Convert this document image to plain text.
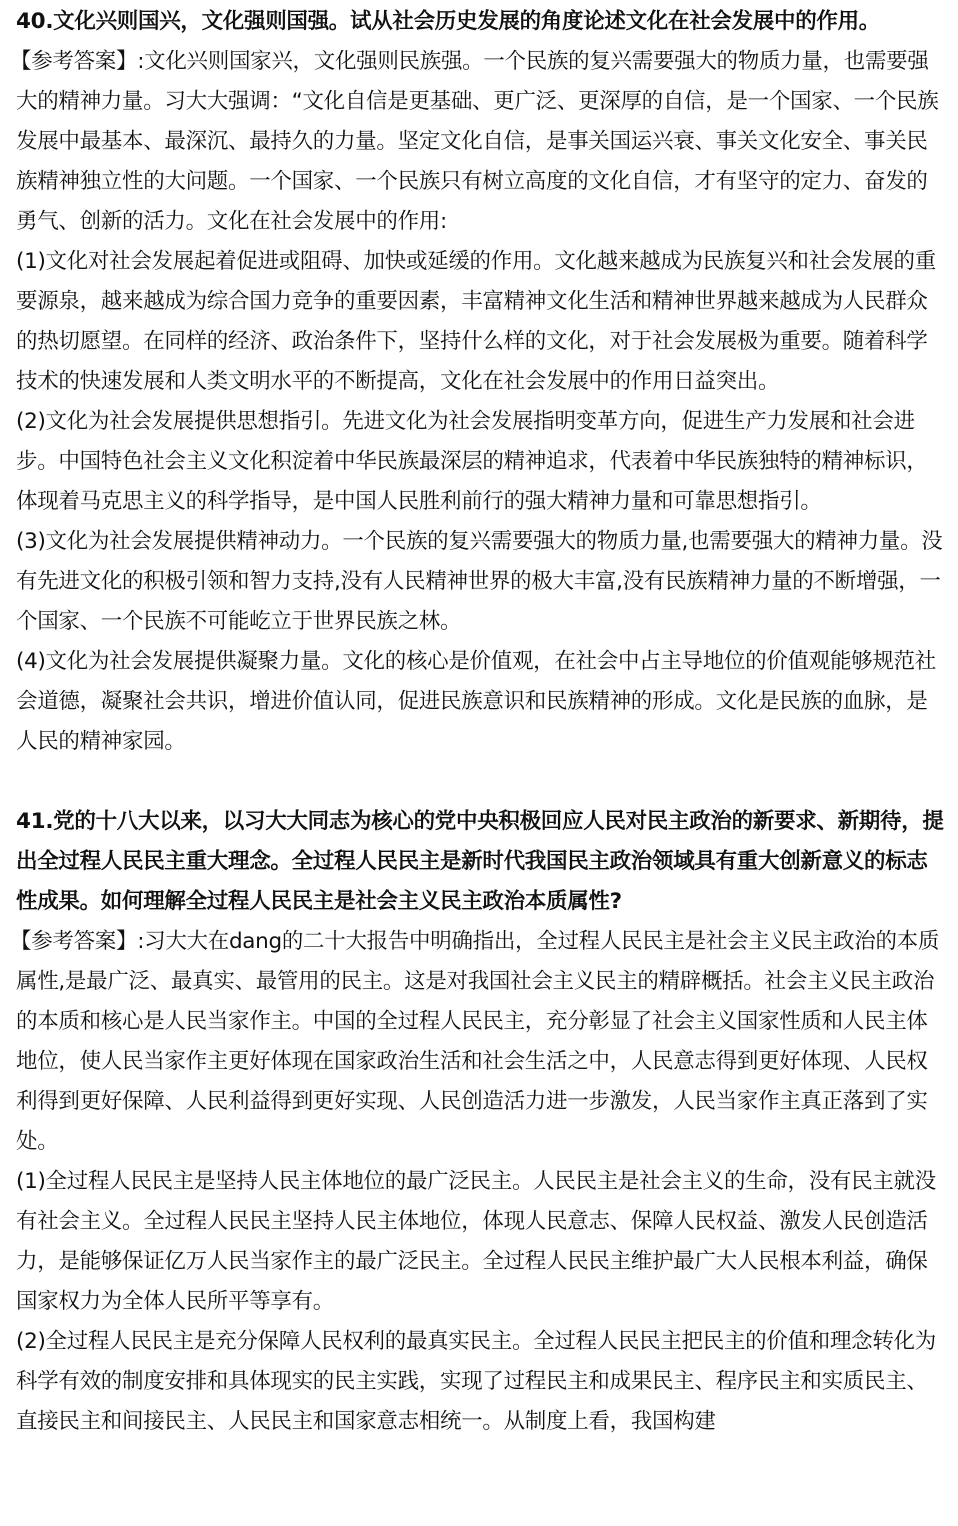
40.文化兴则国兴，文化强则国强。试从社会历史发展的角度论述文化在社会发展中的作用。

【参考答案】:文化兴则国家兴，文化强则民族强。一个民族的复兴需要强大的物质力量，也需要强大的精神力量。习大大强调：“文化自信是更基础、更广泛、更深厚的自信，是一个国家、一个民族发展中最基本、最深沉、最持久的力量。坚定文化自信，是事关国运兴衰、事关文化安全、事关民族精神独立性的大问题。一个国家、一个民族只有树立高度的文化自信，才有坚守的定力、奋发的勇气、创新的活力。文化在社会发展中的作用:

(1)文化对社会发展起着促进或阻碍、加快或延缓的作用。文化越来越成为民族复兴和社会发展的重要源泉，越来越成为综合国力竞争的重要因素，丰富精神文化生活和精神世界越来越成为人民群众的热切愿望。在同样的经济、政治条件下，坚持什么样的文化，对于社会发展极为重要。随着科学技术的快速发展和人类文明水平的不断提高，文化在社会发展中的作用日益突出。

(2)文化为社会发展提供思想指引。先进文化为社会发展指明变革方向，促进生产力发展和社会进步。中国特色社会主义文化积淀着中华民族最深层的精神追求，代表着中华民族独特的精神标识，体现着马克思主义的科学指导，是中国人民胜利前行的强大精神力量和可靠思想指引。

(3)文化为社会发展提供精神动力。一个民族的复兴需要强大的物质力量,也需要强大的精神力量。没有先进文化的积极引领和智力支持,没有人民精神世界的极大丰富,没有民族精神力量的不断增强，一个国家、一个民族不可能屹立于世界民族之林。

(4)文化为社会发展提供凝聚力量。文化的核心是价值观，在社会中占主导地位的价值观能够规范社会道德，凝聚社会共识，增进价值认同，促进民族意识和民族精神的形成。文化是民族的血脉，是人民的精神家园。

41.党的十八大以来，以习大大同志为核心的党中央积极回应人民对民主政治的新要求、新期待，提出全过程人民民主重大理念。全过程人民民主是新时代我国民主政治领域具有重大创新意义的标志性成果。如何理解全过程人民民主是社会主义民主政治本质属性?

【参考答案】:习大大在dang的二十大报告中明确指出，全过程人民民主是社会主义民主政治的本质属性,是最广泛、最真实、最管用的民主。这是对我国社会主义民主的精辟概括。社会主义民主政治的本质和核心是人民当家作主。中国的全过程人民民主，充分彰显了社会主义国家性质和人民主体地位，使人民当家作主更好体现在国家政治生活和社会生活之中，人民意志得到更好体现、人民权利得到更好保障、人民利益得到更好实现、人民创造活力进一步激发，人民当家作主真正落到了实处。

(1)全过程人民民主是坚持人民主体地位的最广泛民主。人民民主是社会主义的生命，没有民主就没有社会主义。全过程人民民主坚持人民主体地位，体现人民意志、保障人民权益、激发人民创造活力，是能够保证亿万人民当家作主的最广泛民主。全过程人民民主维护最广大人民根本利益，确保国家权力为全体人民所平等享有。

(2)全过程人民民主是充分保障人民权利的最真实民主。全过程人民民主把民主的价值和理念转化为科学有效的制度安排和具体现实的民主实践，实现了过程民主和成果民主、程序民主和实质民主、直接民主和间接民主、人民民主和国家意志相统一。从制度上看，我国构建
